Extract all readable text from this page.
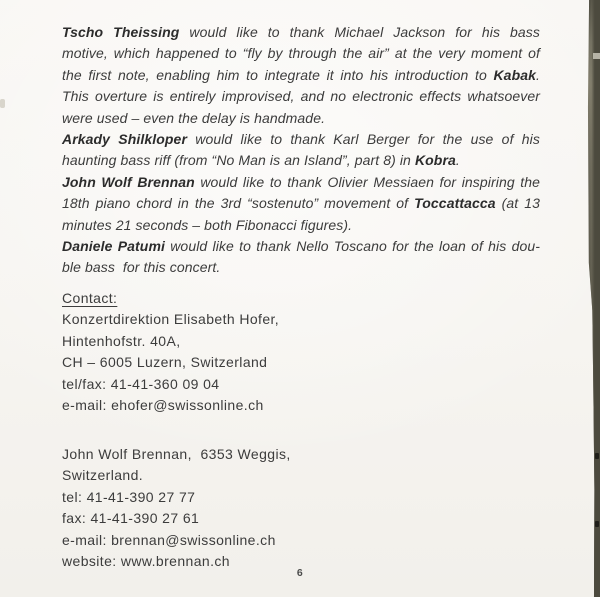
Tscho Theissing would like to thank Michael Jackson for his bass
motive, which happened to “fly by through the air” at the very moment of
the first note, enabling him to integrate it into his introduction to Kabak.
This overture is entirely improvised, and no electronic effects whatsoever
were used – even the delay is handmade.
Arkady Shilkloper would like to thank Karl Berger for the use of his
haunting bass riff (from “No Man is an Island”, part 8) in Kobra.
John Wolf Brennan would like to thank Olivier Messiaen for inspiring the
18th piano chord in the 3rd “sostenuto” movement of Toccattacca (at 13
minutes 21 seconds – both Fibonacci figures).
Daniele Patumi would like to thank Nello Toscano for the loan of his dou-
ble bass  for this concert.
Contact:
Konzertdirektion Elisabeth Hofer,
Hintenhofstr. 40A,
CH – 6005 Luzern, Switzerland
tel/fax: 41-41-360 09 04
e-mail: ehofer@swissonline.ch
John Wolf Brennan,  6353 Weggis,
Switzerland.
tel: 41-41-390 27 77
fax: 41-41-390 27 61
e-mail: brennan@swissonline.ch
website: www.brennan.ch
6
